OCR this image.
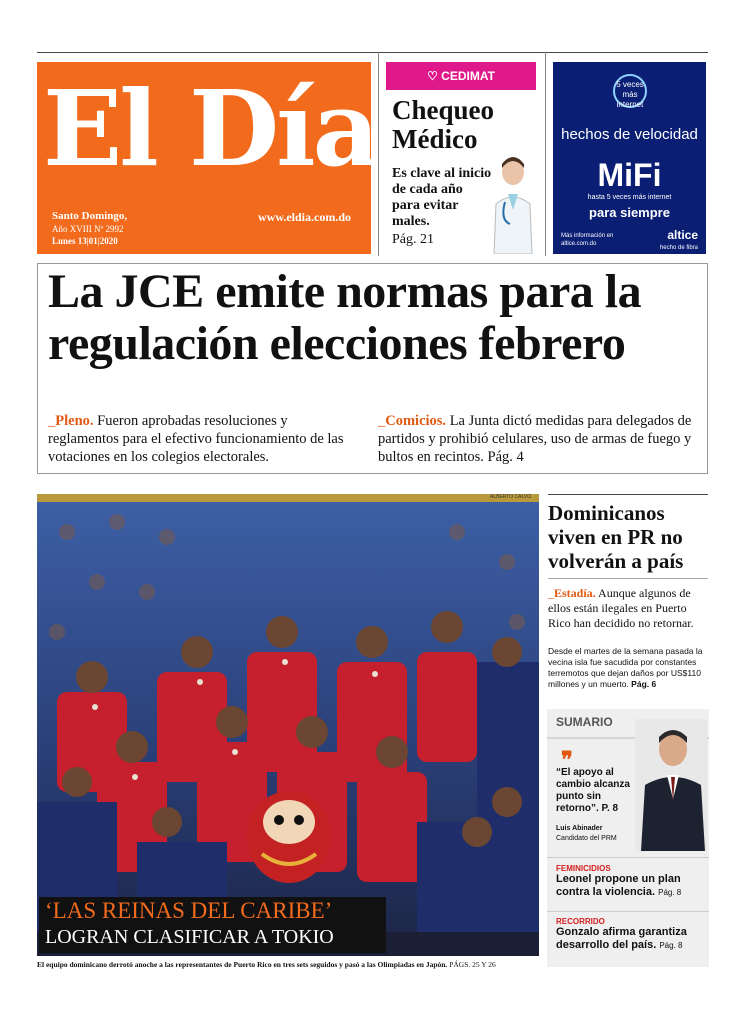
El Día
Santo Domingo,
Año XVIII Nº 2992
Lunes 13|01|2020
www.eldia.com.do
♡ CEDIMAT
Chequeo Médico
Es clave al inicio de cada año para evitar males.
Pág. 21
5 veces más internet
hechos de velocidad
MiFi
hasta 5 veces más internet
para siempre
Más información en
altice.com.do
altice
hecho de fibra
La JCE emite normas para la regulación elecciones febrero
_Pleno. Fueron aprobadas resoluciones y reglamentos para el efectivo funcionamiento de las votaciones en los colegios electorales.
_Comicios. La Junta dictó medidas para delegados de partidos y prohibió celulares, uso de armas de fuego y bultos en recintos. Pág. 4
ALBERTO CALVO
‘LAS REINAS DEL CARIBE’
LOGRAN CLASIFICAR A TOKIO
El equipo dominicano derrotó anoche a las representantes de Puerto Rico en tres sets seguidos y pasó a las Olimpiadas en Japón. PÁGS. 25 Y 26
Dominicanos viven en PR no volverán a país
_Estadía. Aunque algunos de ellos están ilegales en Puerto Rico han decidido no retornar.
Desde el martes de la semana pasada la vecina isla fue sacudida por constantes terremotos que dejan daños por US$110 millones y un muerto. Pág. 6
SUMARIO
❞
“El apoyo al cambio alcanza punto sin retorno”. P. 8
Luis Abinader
Candidato del PRM
FEMINICIDIOS
Leonel propone un plan contra la violencia. Pág. 8
RECORRIDO
Gonzalo afirma garantiza desarrollo del país. Pág. 8
